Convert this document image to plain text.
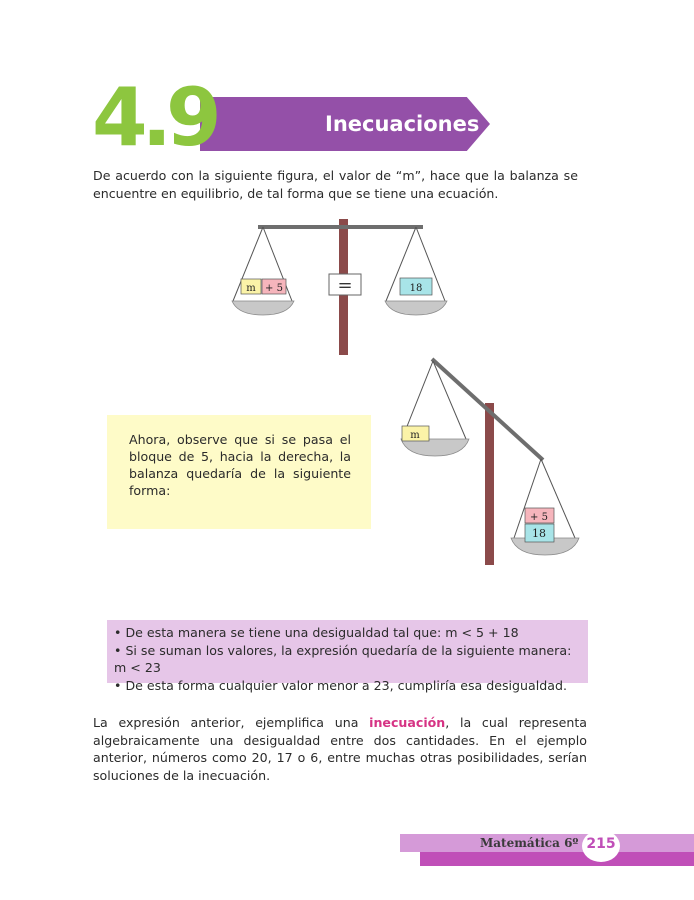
4.9	Inecuaciones
De acuerdo con la siguiente figura, el valor de “m”, hace que la balanza se encuentre en equilibrio, de tal forma que se tiene una ecuación.
m + 5	18
=
m
+ 5
18
Ahora, observe que si se pasa el bloque de 5, hacia la derecha, la balanza quedaría de la siguiente forma:
• De esta manera se tiene una desigualdad tal que: m < 5 + 18
• Si se suman los valores, la expresión quedaría de la siguiente manera: m < 23
• De esta forma cualquier valor menor a 23, cumpliría esa desigualdad.
La expresión anterior, ejemplifica una inecuación, la cual representa algebraicamente una desigualdad entre dos cantidades. En el ejemplo anterior, números como 20, 17 o 6, entre muchas otras posibilidades, serían soluciones de la inecuación.
Matemática 6º 215
